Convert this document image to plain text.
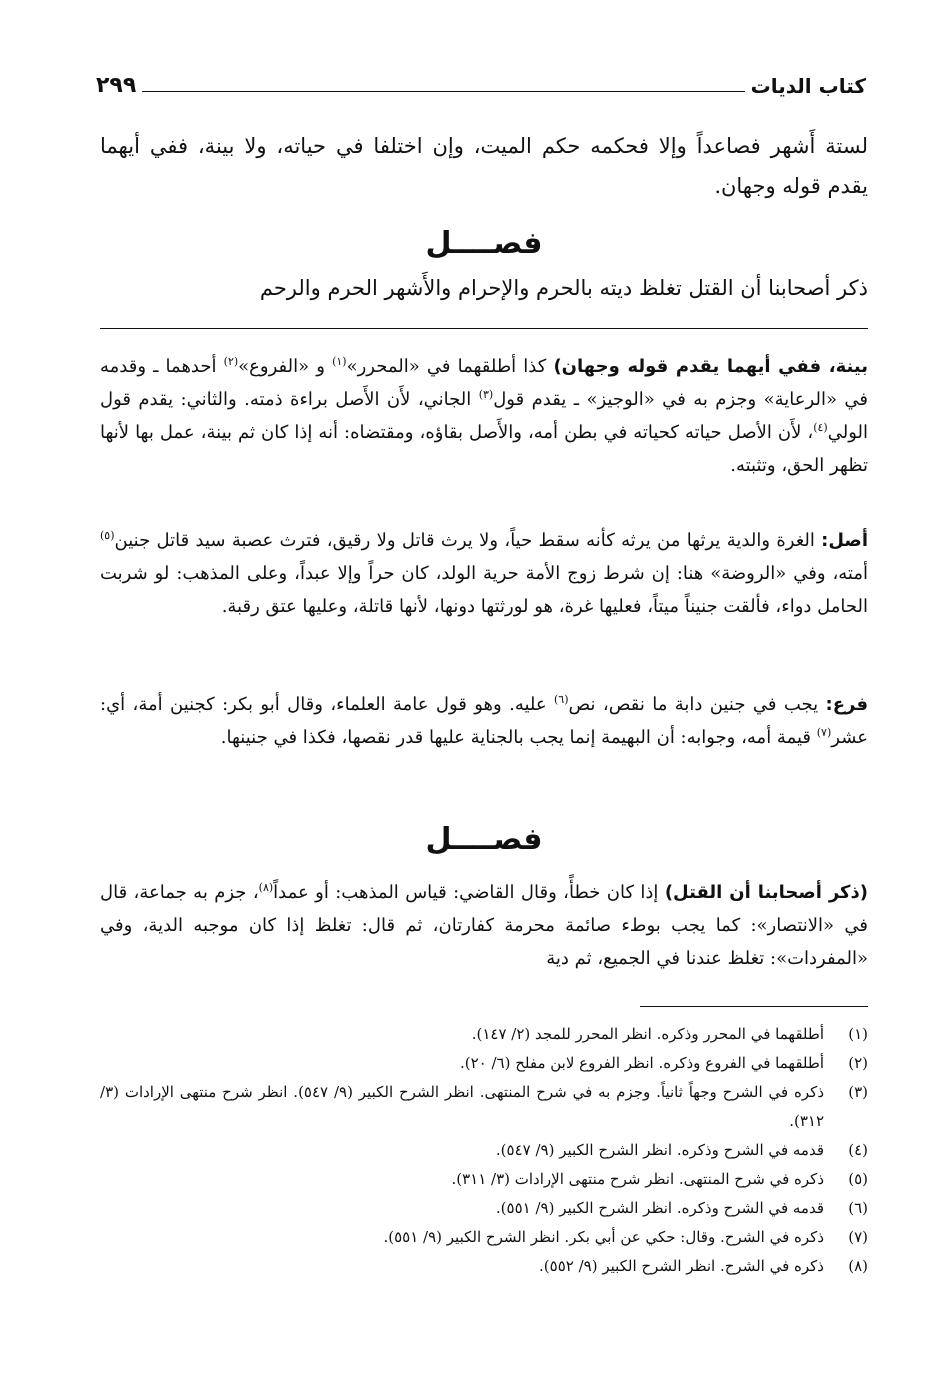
كتاب الديات
٢٩٩

لستة أَشهر فصاعداً وإلا فحكمه حكم الميت، وإن اختلفا في حياته، ولا بينة، ففي أيهما يقدم قوله وجهان.

فصــــل

ذكر أصحابنا أن القتل تغلظ ديته بالحرم والإحرام والأَشهر الحرم والرحم

بينة، ففي أيهما يقدم قوله وجهان) كذا أطلقهما في «المحرر»$^{(١)}$ و «الفروع»$^{(٢)}$ أحدهما ـ وقدمه في «الرعاية» وجزم به في «الوجيز» ـ يقدم قول$^{(٣)}$ الجاني، لأَن الأَصل براءة ذمته. والثاني: يقدم قول الولي$^{(٤)}$، لأَن الأصل حياته كحياته في بطن أمه، والأَصل بقاؤه، ومقتضاه: أنه إذا كان ثم بينة، عمل بها لأنها تظهر الحق، وتثبته.

أصل: الغرة والدية يرثها من يرثه كأنه سقط حياً، ولا يرث قاتل ولا رقيق، فترث عصبة سيد قاتل جنين$^{(٥)}$ أمته، وفي «الروضة» هنا: إن شرط زوج الأمة حرية الولد، كان حراً وإلا عبداً، وعلى المذهب: لو شربت الحامل دواء، فألقت جنيناً ميتاً، فعليها غرة، هو لورثتها دونها، لأنها قاتلة، وعليها عتق رقبة.

فرع: يجب في جنين دابة ما نقص، نص$^{(٦)}$ عليه. وهو قول عامة العلماء، وقال أبو بكر: كجنين أمة، أي: عشر$^{(٧)}$ قيمة أمه، وجوابه: أن البهيمة إنما يجب بالجناية عليها قدر نقصها، فكذا في جنينها.

فصــــل

(ذكر أصحابنا أن القتل) إذا كان خطأً، وقال القاضي: قياس المذهب: أو عمداً$^{(٨)}$، جزم به جماعة، قال في «الانتصار»: كما يجب بوطء صائمة محرمة كفارتان، ثم قال: تغلظ إذا كان موجبه الدية، وفي «المفردات»: تغلظ عندنا في الجميع، ثم دية

(١)
أطلقهما في المحرر وذكره. انظر المحرر للمجد (٢/ ١٤٧).
(٢)
أطلقهما في الفروع وذكره. انظر الفروع لابن مفلح (٦/ ٢٠).
(٣)
ذكره في الشرح وجهاً ثانياً. وجزم به في شرح المنتهى. انظر الشرح الكبير (٩/ ٥٤٧). انظر شرح منتهى الإرادات (٣/ ٣١٢).
(٤)
قدمه في الشرح وذكره. انظر الشرح الكبير (٩/ ٥٤٧).
(٥)
ذكره في شرح المنتهى. انظر شرح منتهى الإرادات (٣/ ٣١١).
(٦)
قدمه في الشرح وذكره. انظر الشرح الكبير (٩/ ٥٥١).
(٧)
ذكره في الشرح. وقال: حكي عن أبي بكر. انظر الشرح الكبير (٩/ ٥٥١).
(٨)
ذكره في الشرح. انظر الشرح الكبير (٩/ ٥٥٢).
